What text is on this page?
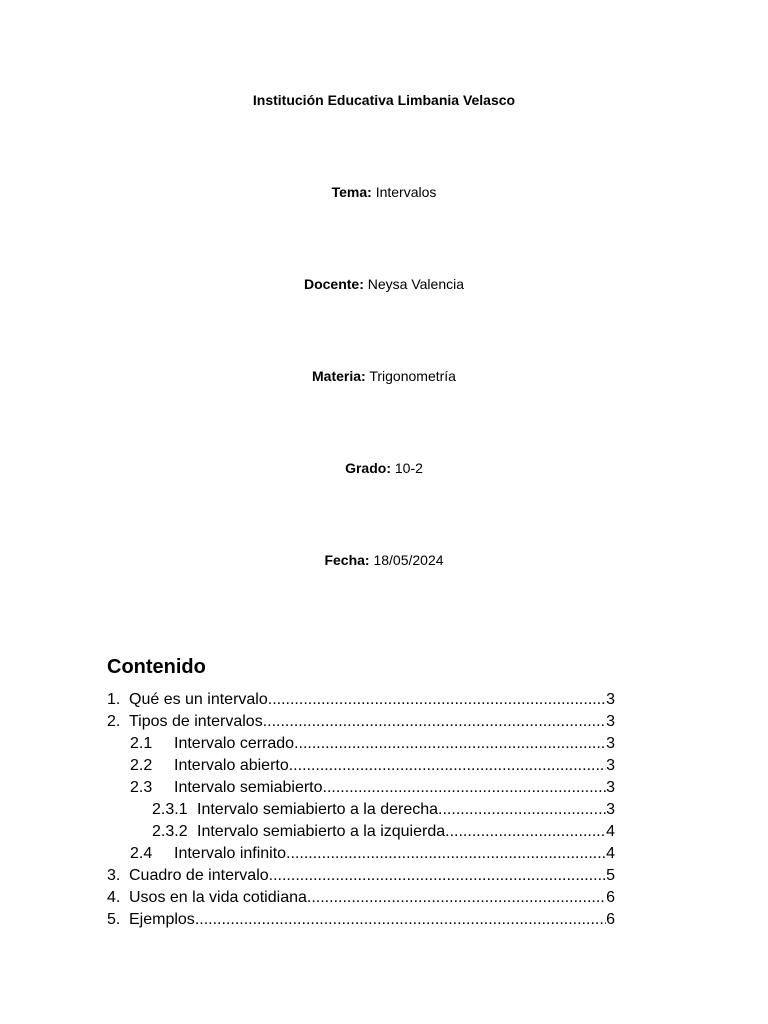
Institución Educativa Limbania Velasco
Tema: Intervalos
Docente: Neysa Valencia
Materia: Trigonometría
Grado: 10-2
Fecha: 18/05/2024
Contenido
1. Qué es un intervalo .....	3
2. Tipos de intervalos .....	3
2.1	Intervalo cerrado .....	3
2.2	Intervalo abierto .....	3
2.3	Intervalo semiabierto .....	3
2.3.1 Intervalo semiabierto a la derecha .....	3
2.3.2 Intervalo semiabierto a la izquierda .....	4
2.4	Intervalo infinito .....	4
3. Cuadro de intervalo .....	5
4. Usos en la vida cotidiana .....	6
5. Ejemplos .....	6
